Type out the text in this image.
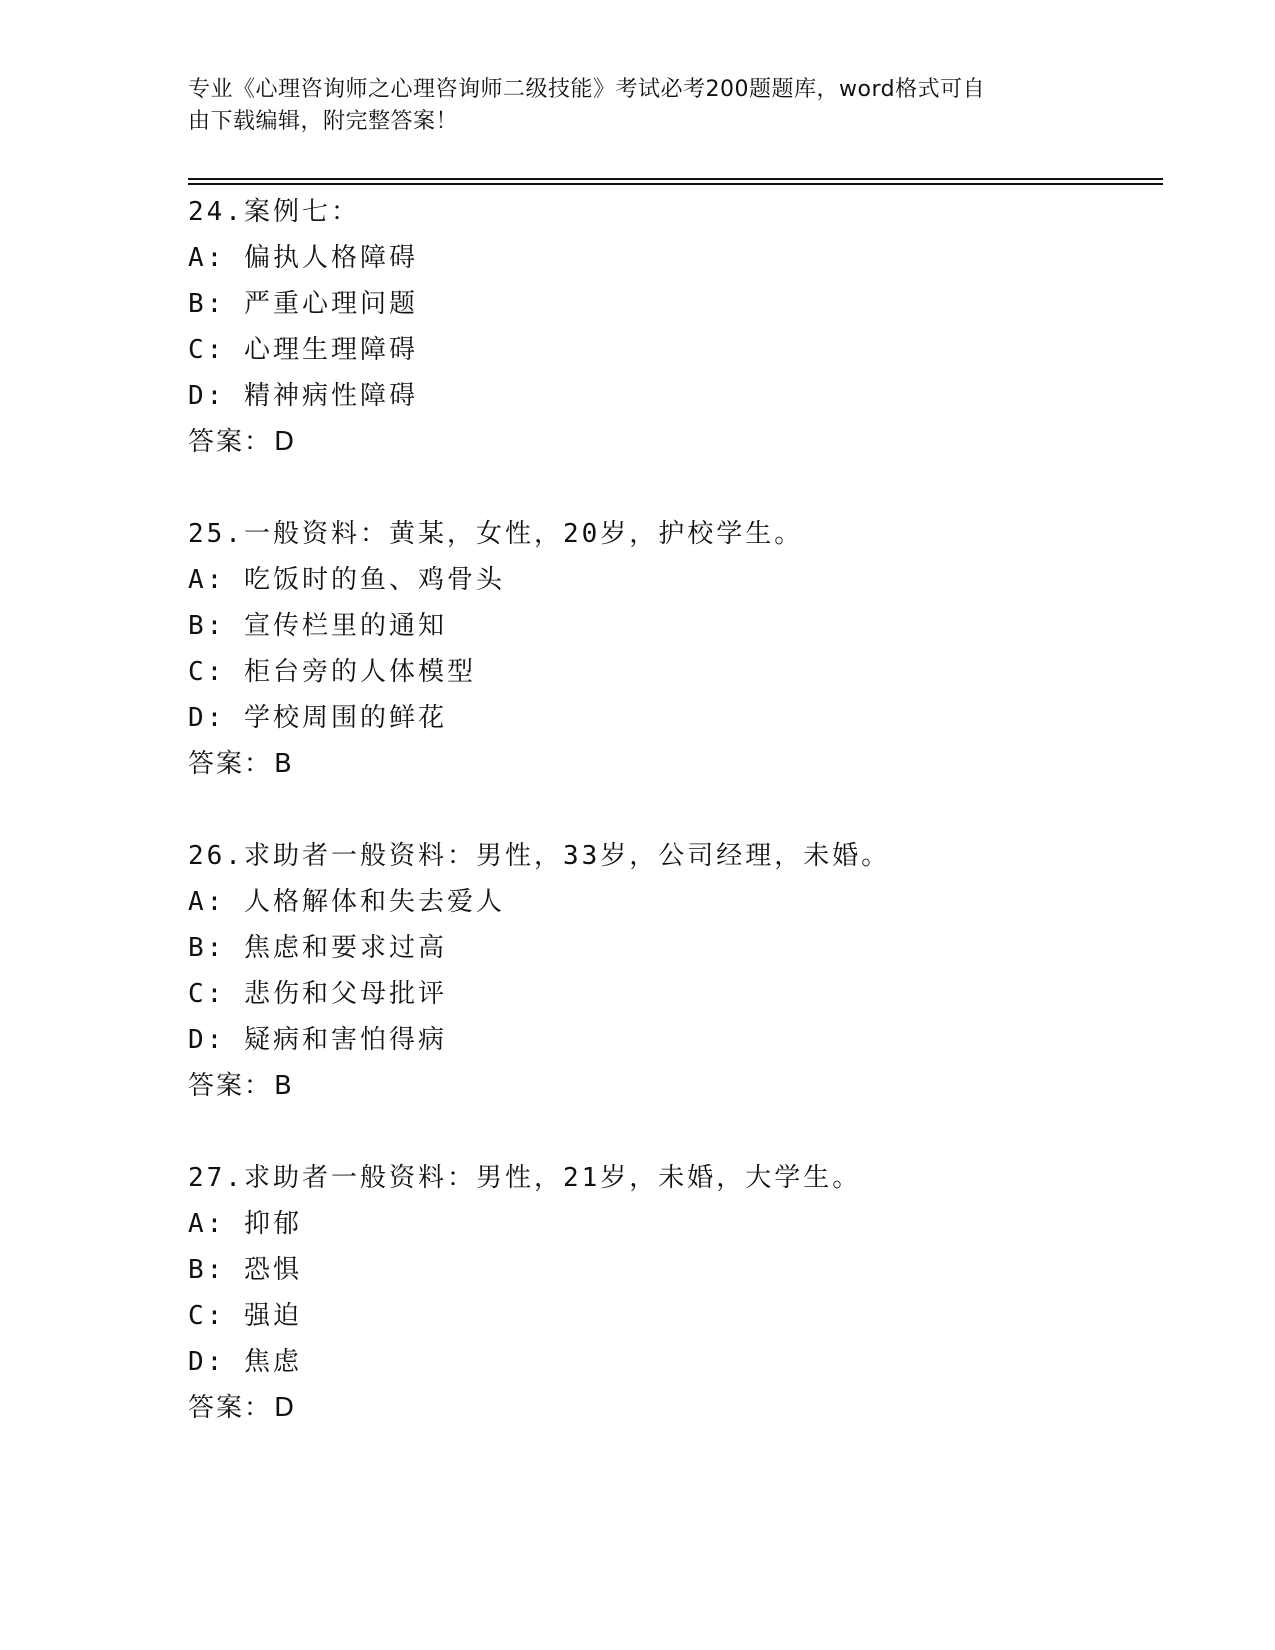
专业《心理咨询师之心理咨询师二级技能》考试必考200题题库，word格式可自
由下载编辑，附完整答案！
24.案例七：
A: 偏执人格障碍
B: 严重心理问题
C: 心理生理障碍
D: 精神病性障碍
答案：D
25.一般资料：黄某，女性，20岁，护校学生。
A: 吃饭时的鱼、鸡骨头
B: 宣传栏里的通知
C: 柜台旁的人体模型
D: 学校周围的鲜花
答案：B
26.求助者一般资料：男性，33岁，公司经理，未婚。
A: 人格解体和失去爱人
B: 焦虑和要求过高
C: 悲伤和父母批评
D: 疑病和害怕得病
答案：B
27.求助者一般资料：男性，21岁，未婚，大学生。
A: 抑郁
B: 恐惧
C: 强迫
D: 焦虑
答案：D
